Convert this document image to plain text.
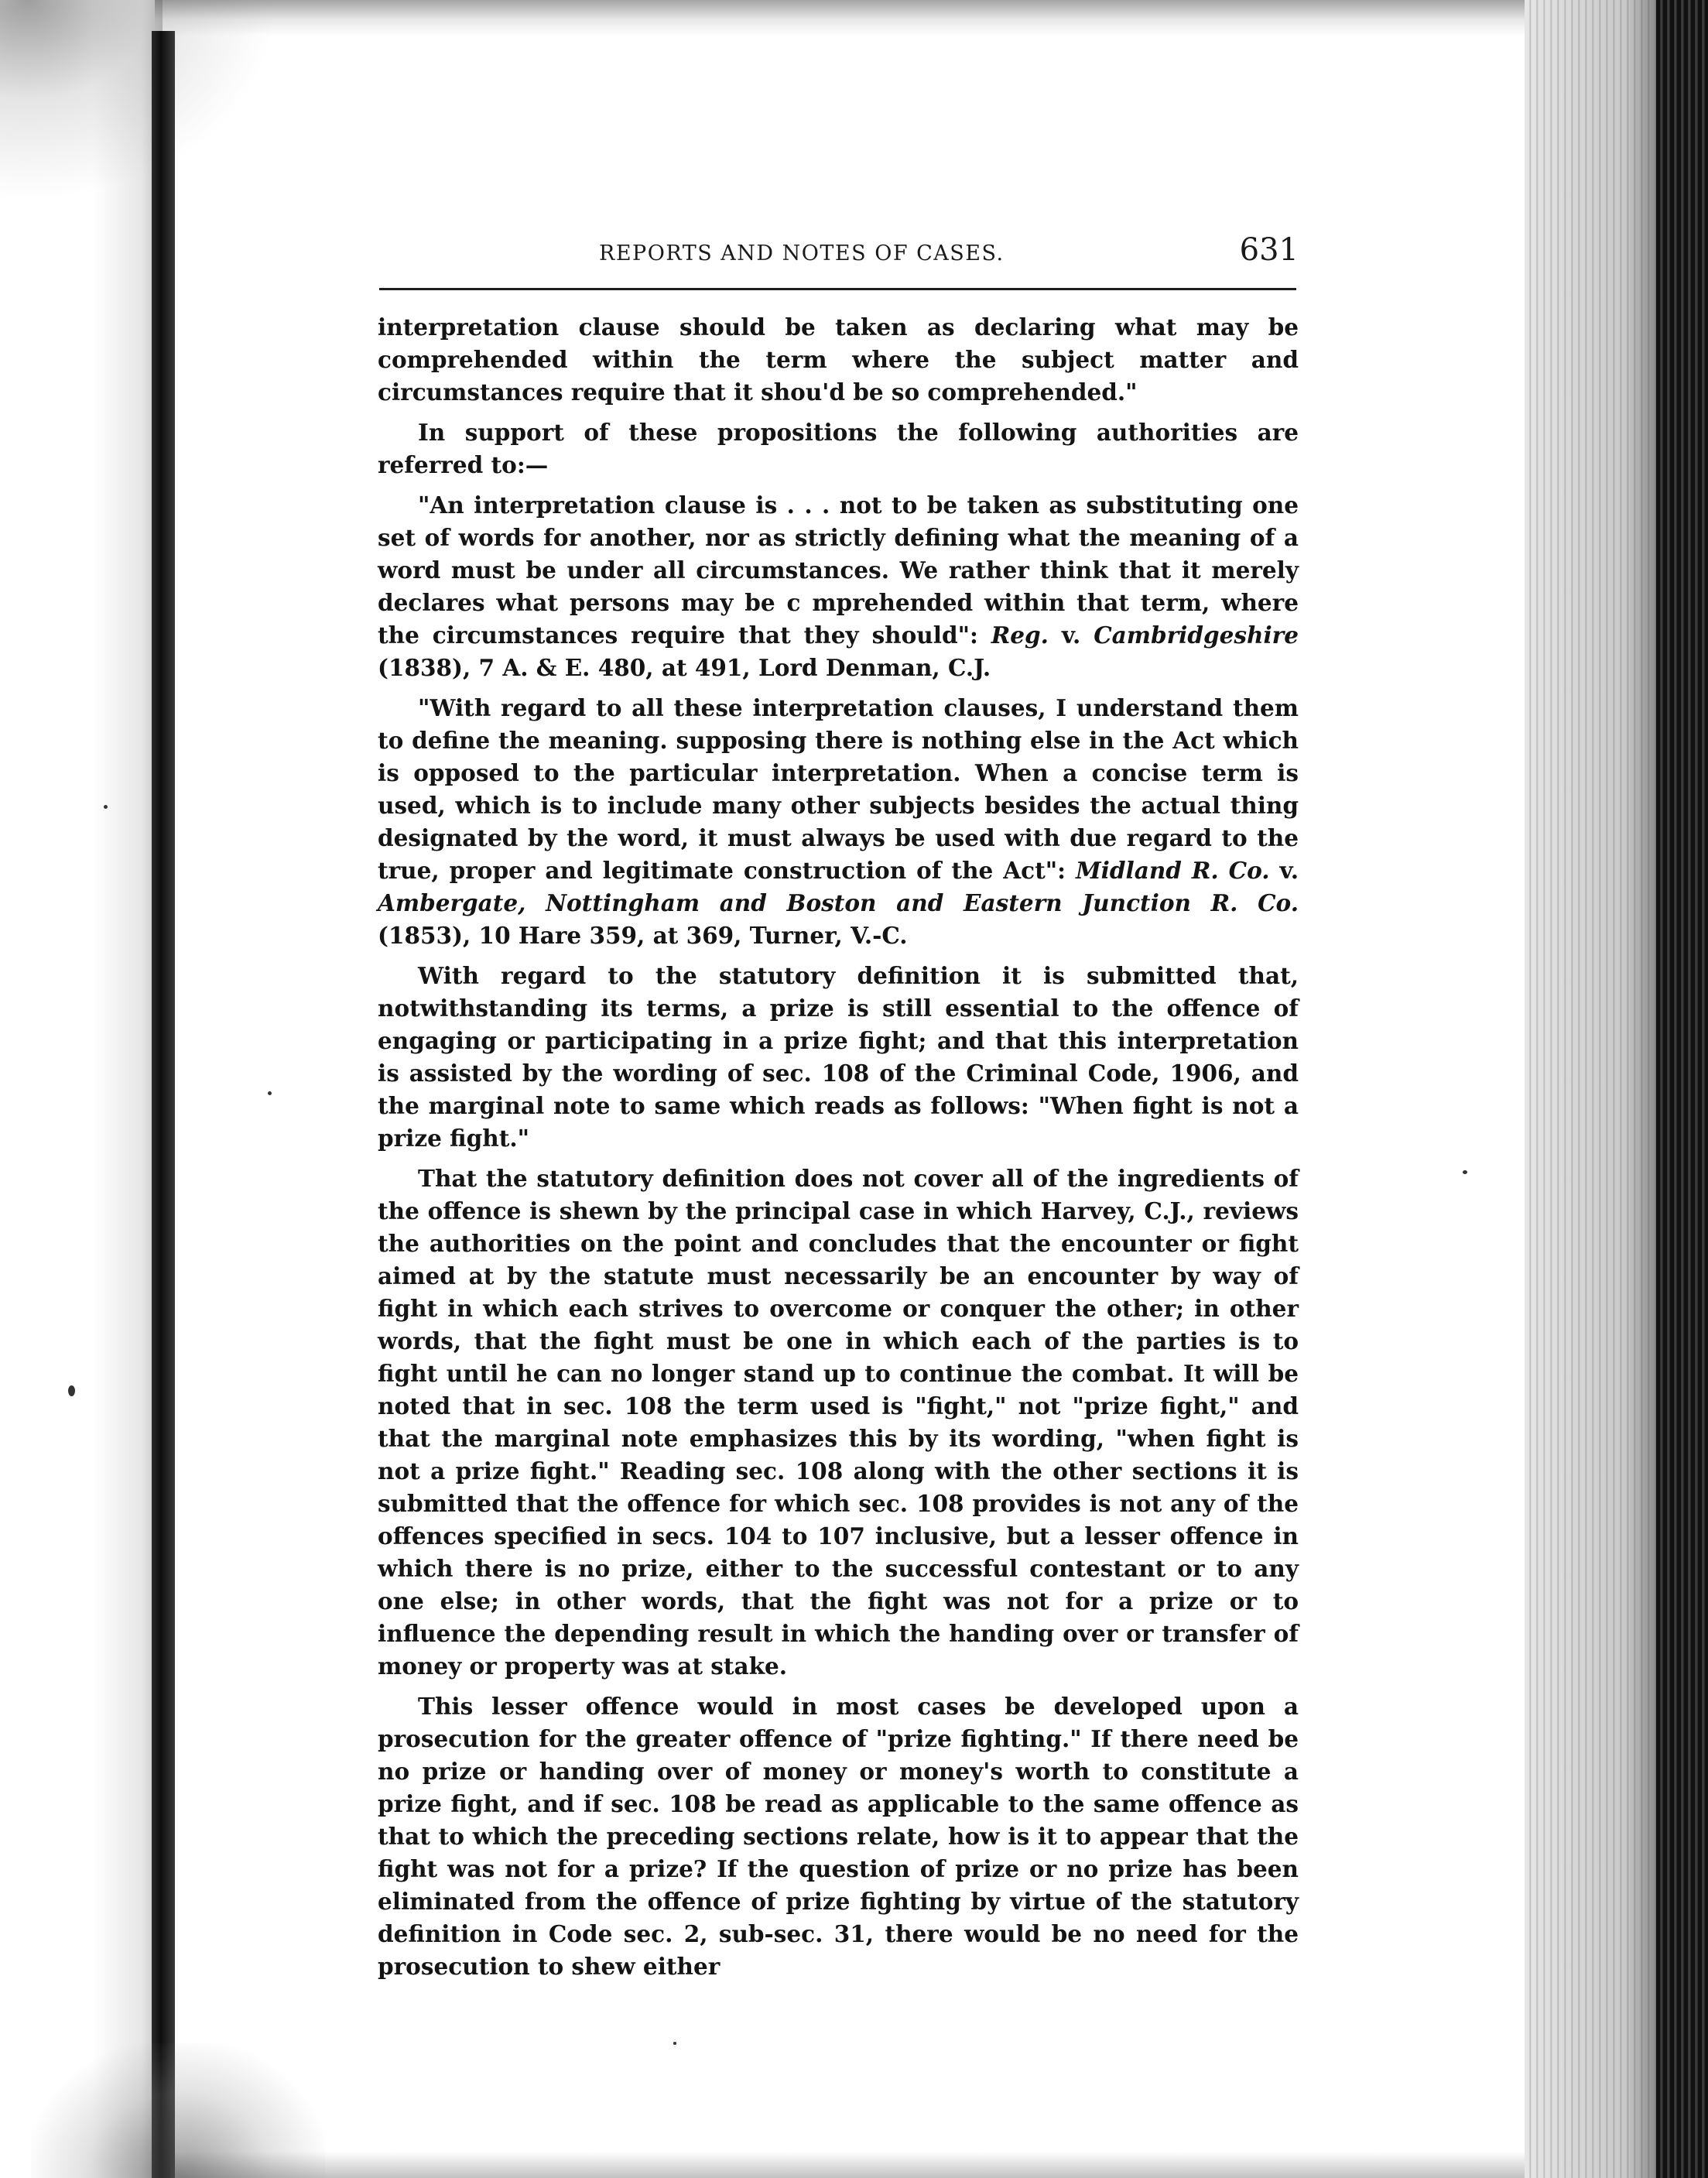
REPORTS AND NOTES OF CASES.	631

interpretation clause should be taken as declaring what may be comprehended within the term where the subject matter and circumstances require that it shou'd be so comprehended."

In support of these propositions the following authorities are referred to:—

"An interpretation clause is . . . not to be taken as substituting one set of words for another, nor as strictly defining what the meaning of a word must be under all circumstances. We rather think that it merely declares what persons may be c mprehended within that term, where the circumstances require that they should": Reg. v. Cambridgeshire (1838), 7 A. & E. 480, at 491, Lord Denman, C.J.

"With regard to all these interpretation clauses, I understand them to define the meaning. supposing there is nothing else in the Act which is opposed to the particular interpretation. When a concise term is used, which is to include many other subjects besides the actual thing designated by the word, it must always be used with due regard to the true, proper and legitimate construction of the Act": Midland R. Co. v. Ambergate, Nottingham and Boston and Eastern Junction R. Co. (1853), 10 Hare 359, at 369, Turner, V.-C.

With regard to the statutory definition it is submitted that, notwithstanding its terms, a prize is still essential to the offence of engaging or participating in a prize fight; and that this interpretation is assisted by the wording of sec. 108 of the Criminal Code, 1906, and the marginal note to same which reads as follows: "When fight is not a prize fight."

That the statutory definition does not cover all of the ingredients of the offence is shewn by the principal case in which Harvey, C.J., reviews the authorities on the point and concludes that the encounter or fight aimed at by the statute must necessarily be an encounter by way of fight in which each strives to overcome or conquer the other; in other words, that the fight must be one in which each of the parties is to fight until he can no longer stand up to continue the combat. It will be noted that in sec. 108 the term used is "fight," not "prize fight," and that the marginal note emphasizes this by its wording, "when fight is not a prize fight." Reading sec. 108 along with the other sections it is submitted that the offence for which sec. 108 provides is not any of the offences specified in secs. 104 to 107 inclusive, but a lesser offence in which there is no prize, either to the successful contestant or to any one else; in other words, that the fight was not for a prize or to influence the depending result in which the handing over or transfer of money or property was at stake.

This lesser offence would in most cases be developed upon a prosecution for the greater offence of "prize fighting." If there need be no prize or handing over of money or money's worth to constitute a prize fight, and if sec. 108 be read as applicable to the same offence as that to which the preceding sections relate, how is it to appear that the fight was not for a prize? If the question of prize or no prize has been eliminated from the offence of prize fighting by virtue of the statutory definition in Code sec. 2, sub-sec. 31, there would be no need for the prosecution to shew either
